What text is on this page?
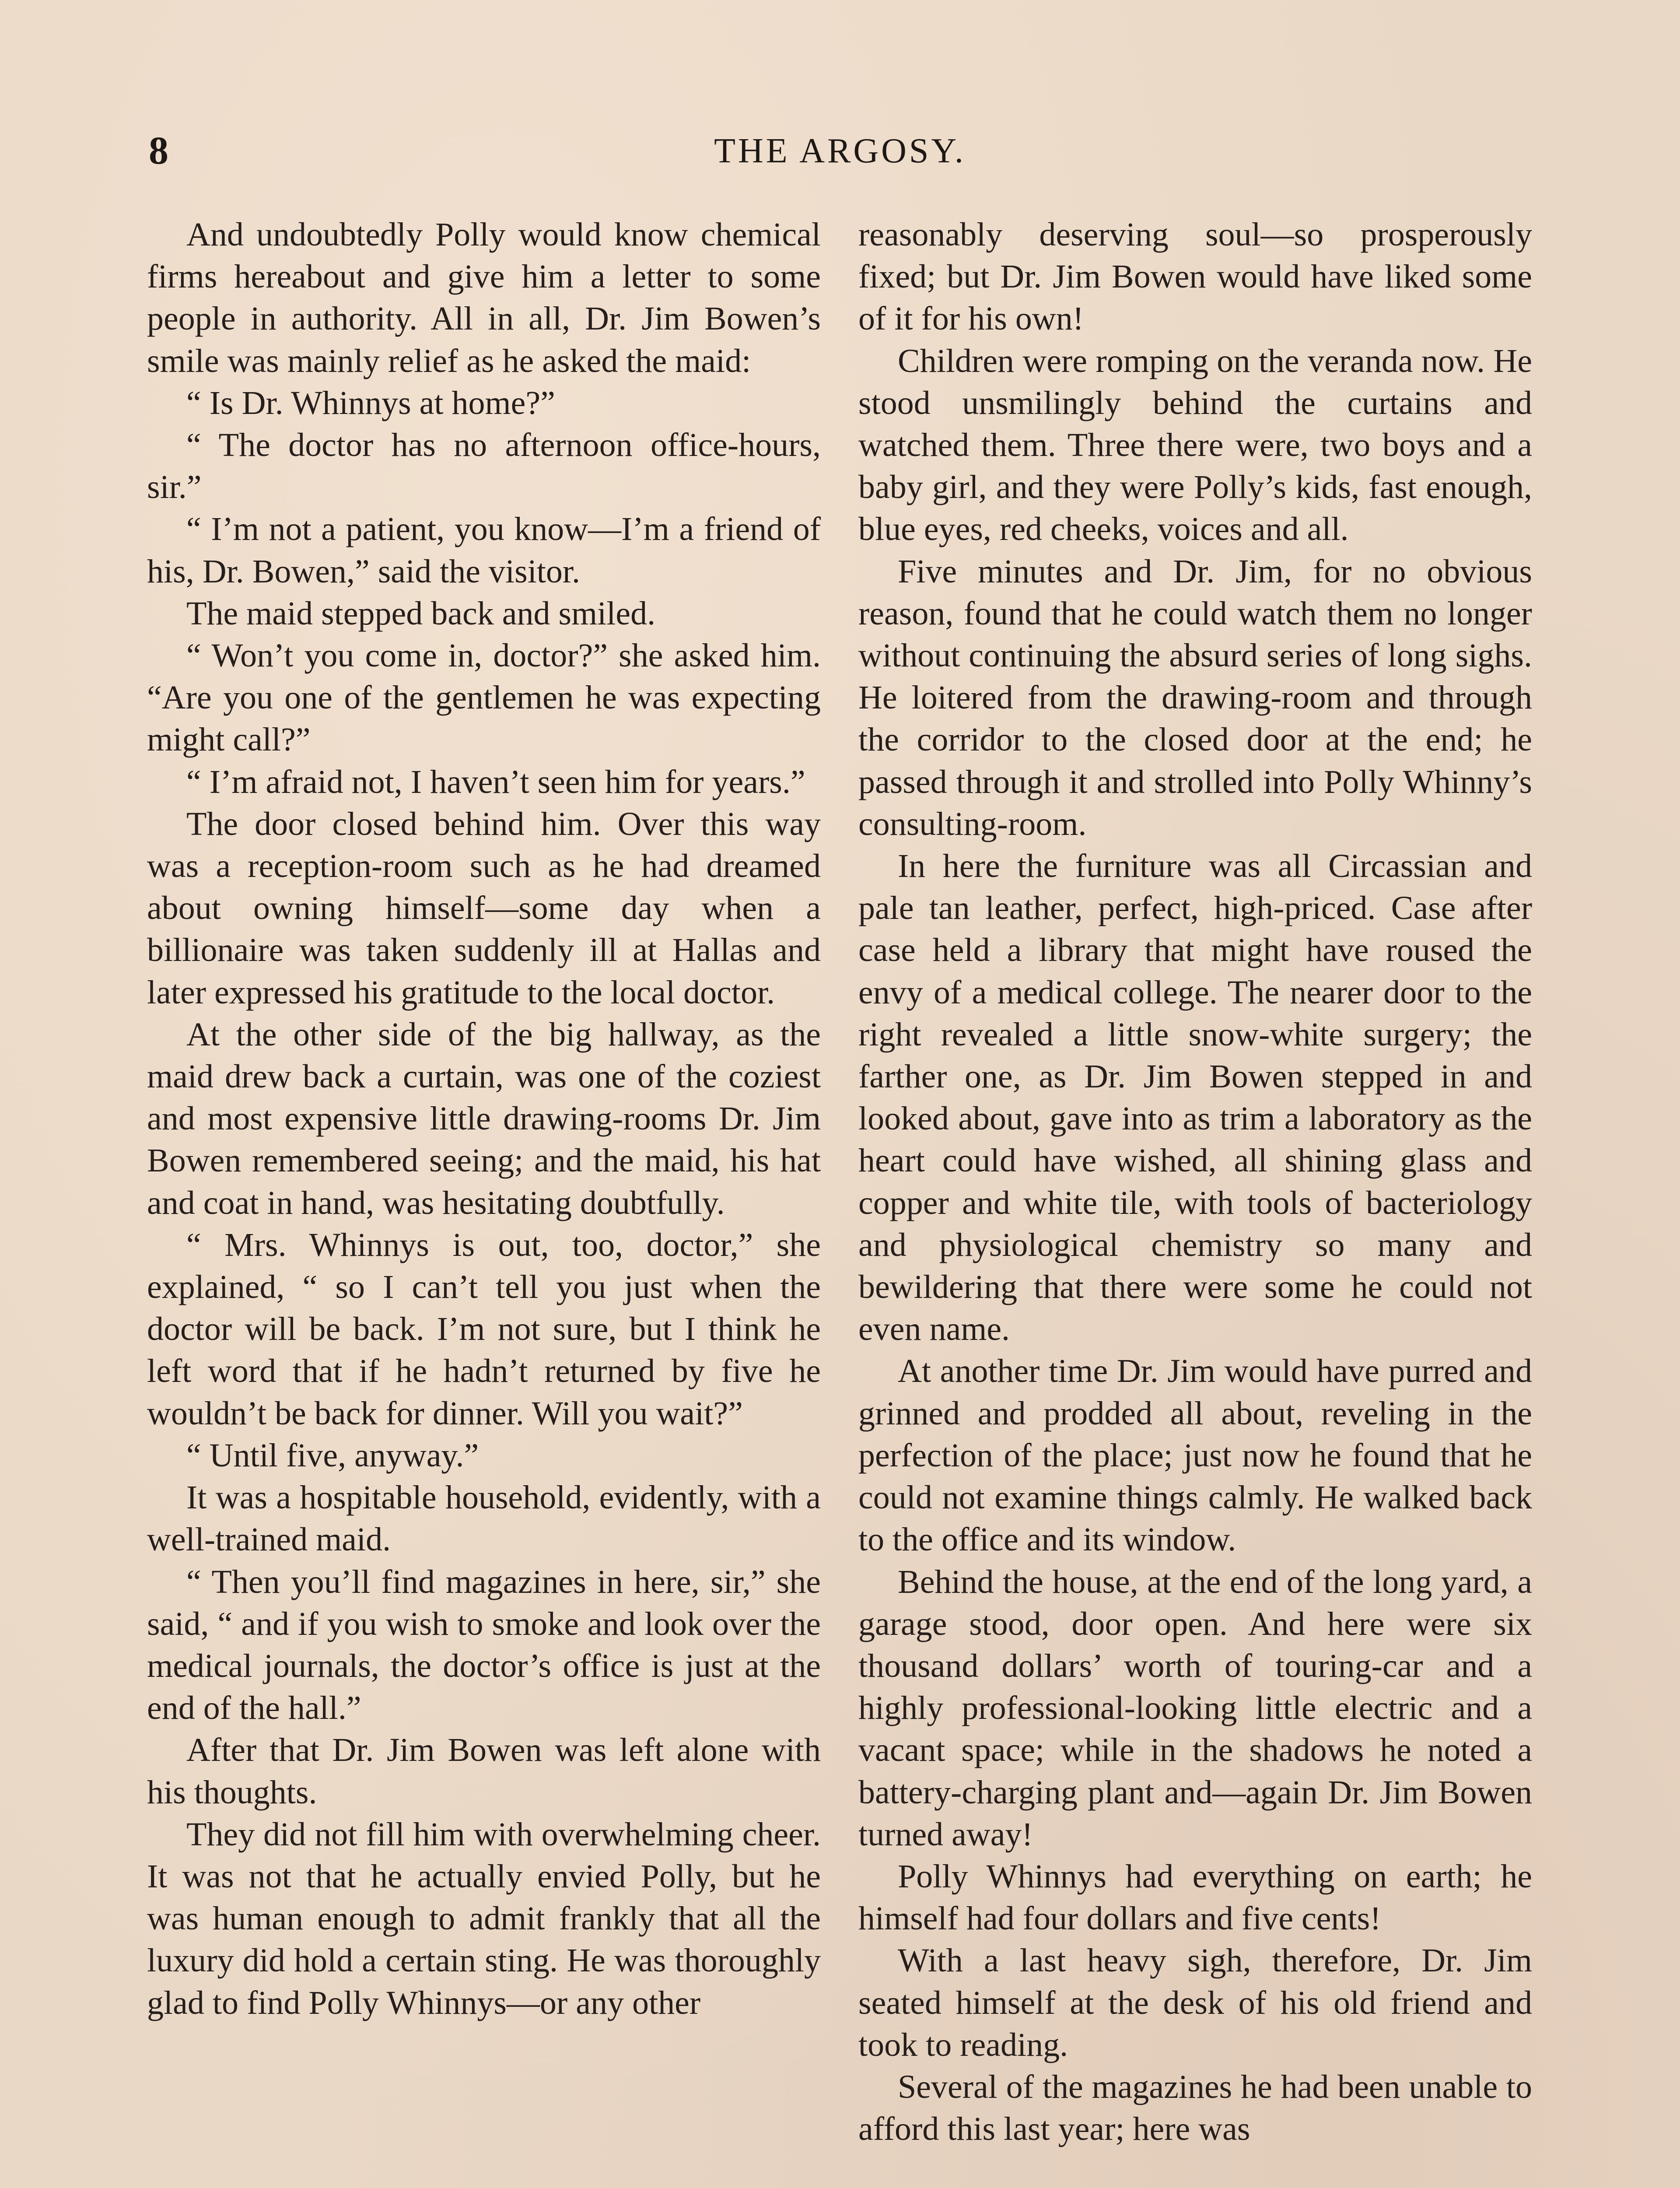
8	THE ARGOSY.

And undoubtedly Polly would know chemical firms hereabout and give him a letter to some people in authority. All in all, Dr. Jim Bowen’s smile was mainly relief as he asked the maid:

“ Is Dr. Whinnys at home?”

“ The doctor has no afternoon office-hours, sir.”

“ I’m not a patient, you know—I’m a friend of his, Dr. Bowen,” said the visitor.

The maid stepped back and smiled.

“ Won’t you come in, doctor?” she asked him. “Are you one of the gentlemen he was expecting might call?”

“ I’m afraid not, I haven’t seen him for years.”

The door closed behind him. Over this way was a reception-room such as he had dreamed about owning himself—some day when a billionaire was taken suddenly ill at Hallas and later expressed his gratitude to the local doctor.

At the other side of the big hallway, as the maid drew back a curtain, was one of the coziest and most expensive little drawing-rooms Dr. Jim Bowen remembered seeing; and the maid, his hat and coat in hand, was hesitating doubtfully.

“ Mrs. Whinnys is out, too, doctor,” she explained, “ so I can’t tell you just when the doctor will be back. I’m not sure, but I think he left word that if he hadn’t returned by five he wouldn’t be back for dinner. Will you wait?”

“ Until five, anyway.”

It was a hospitable household, evidently, with a well-trained maid.

“ Then you’ll find magazines in here, sir,” she said, “ and if you wish to smoke and look over the medical journals, the doctor’s office is just at the end of the hall.”

After that Dr. Jim Bowen was left alone with his thoughts.

They did not fill him with overwhelming cheer. It was not that he actually envied Polly, but he was human enough to admit frankly that all the luxury did hold a certain sting. He was thoroughly glad to find Polly Whinnys—or any other

reasonably deserving soul—so prosperously fixed; but Dr. Jim Bowen would have liked some of it for his own!

Children were romping on the veranda now. He stood unsmilingly behind the curtains and watched them. Three there were, two boys and a baby girl, and they were Polly’s kids, fast enough, blue eyes, red cheeks, voices and all.

Five minutes and Dr. Jim, for no obvious reason, found that he could watch them no longer without continuing the absurd series of long sighs. He loitered from the drawing-room and through the corridor to the closed door at the end; he passed through it and strolled into Polly Whinny’s consulting-room.

In here the furniture was all Circassian and pale tan leather, perfect, high-priced. Case after case held a library that might have roused the envy of a medical college. The nearer door to the right revealed a little snow-white surgery; the farther one, as Dr. Jim Bowen stepped in and looked about, gave into as trim a laboratory as the heart could have wished, all shining glass and copper and white tile, with tools of bacteriology and physiological chemistry so many and bewildering that there were some he could not even name.

At another time Dr. Jim would have purred and grinned and prodded all about, reveling in the perfection of the place; just now he found that he could not examine things calmly. He walked back to the office and its window.

Behind the house, at the end of the long yard, a garage stood, door open. And here were six thousand dollars’ worth of touring-car and a highly professional-looking little electric and a vacant space; while in the shadows he noted a battery-charging plant and—again Dr. Jim Bowen turned away!

Polly Whinnys had everything on earth; he himself had four dollars and five cents!

With a last heavy sigh, therefore, Dr. Jim seated himself at the desk of his old friend and took to reading.

Several of the magazines he had been unable to afford this last year; here was
